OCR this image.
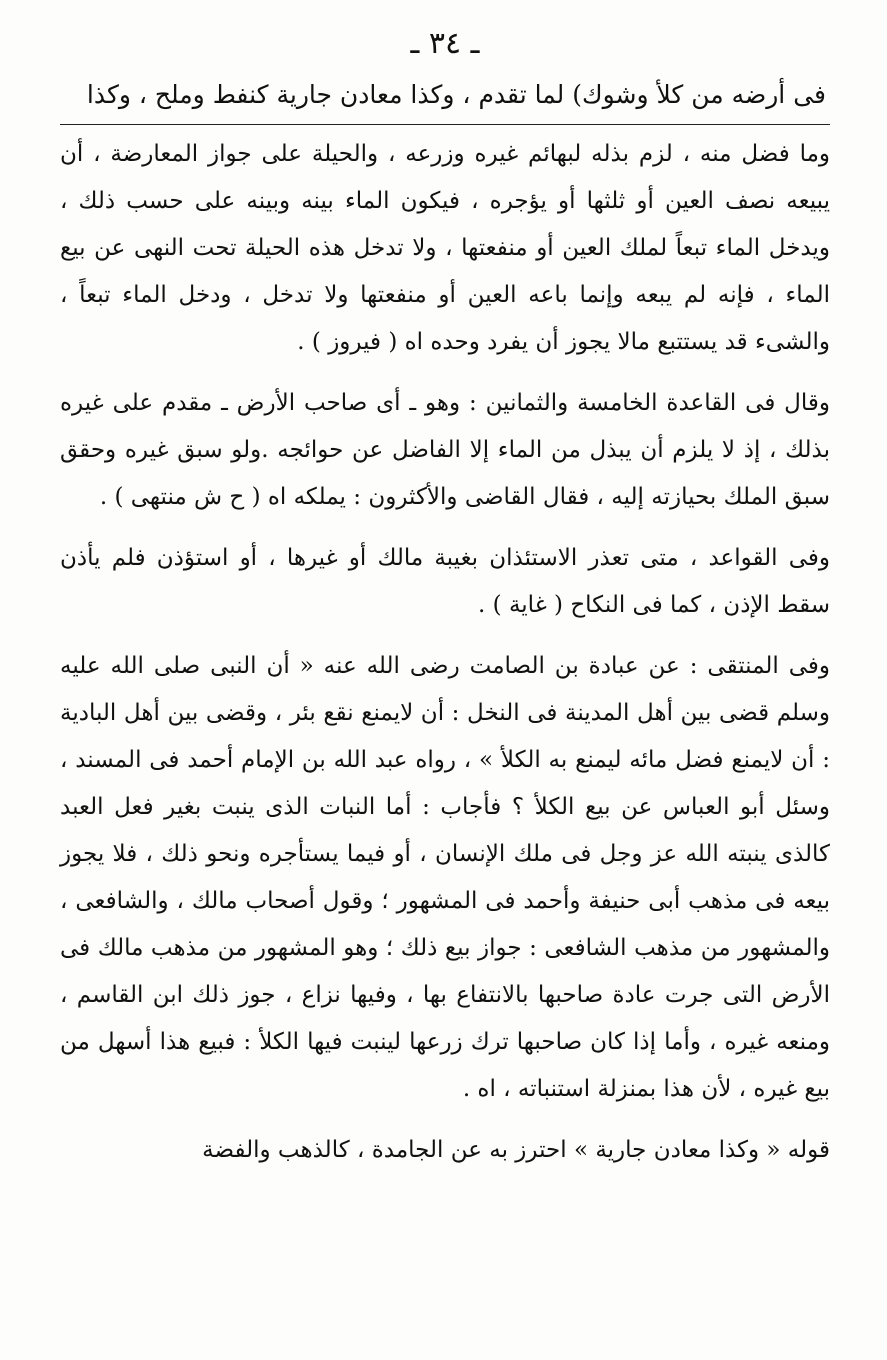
ـ ٣٤ ـ
فى أرضه من كلأ وشوك) لما تقدم ، وكذا معادن جارية كنفط وملح ، وكذا

وما فضل منه ، لزم بذله لبهائم غيره وزرعه ، والحيلة على جواز المعارضة ، أن يبيعه نصف العين أو ثلثها أو يؤجره ، فيكون الماء بينه وبينه على حسب ذلك ، ويدخل الماء تبعاً لملك العين أو منفعتها ، ولا تدخل هذه الحيلة تحت النهى عن بيع الماء ، فإنه لم يبعه وإنما باعه العين أو منفعتها ولا تدخل ، ودخل الماء تبعاً ، والشىء قد يستتبع مالا يجوز أن يفرد وحده اه ( فيروز ) .

وقال فى القاعدة الخامسة والثمانين : وهو ـ أى صاحب الأرض ـ مقدم على غيره بذلك ، إذ لا يلزم أن يبذل من الماء إلا الفاضل عن حوائجه .ولو سبق غيره وحقق سبق الملك بحيازته إليه ، فقال القاضى والأكثرون : يملكه اه ( ح ش منتهى ) .

وفى القواعد ، متى تعذر الاستئذان بغيبة مالك أو غيرها ، أو استؤذن فلم يأذن سقط الإذن ، كما فى النكاح ( غاية ) .

وفى المنتقى : عن عبادة بن الصامت رضى الله عنه « أن النبى صلى الله عليه وسلم قضى بين أهل المدينة فى النخل : أن لايمنع نقع بئر ، وقضى بين أهل البادية : أن لايمنع فضل مائه ليمنع به الكلأ » ، رواه عبد الله بن الإمام أحمد فى المسند ، وسئل أبو العباس عن بيع الكلأ ؟ فأجاب : أما النبات الذى ينبت بغير فعل العبد كالذى ينبته الله عز وجل فى ملك الإنسان ، أو فيما يستأجره ونحو ذلك ، فلا يجوز بيعه فى مذهب أبى حنيفة وأحمد فى المشهور ؛ وقول أصحاب مالك ، والشافعى ، والمشهور من مذهب الشافعى : جواز بيع ذلك ؛ وهو المشهور من مذهب مالك فى الأرض التى جرت عادة صاحبها بالانتفاع بها ، وفيها نزاع ، جوز ذلك ابن القاسم ، ومنعه غيره ، وأما إذا كان صاحبها ترك زرعها لينبت فيها الكلأ : فبيع هذا أسهل من بيع غيره ، لأن هذا بمنزلة استنباته ، اه .

قوله « وكذا معادن جارية » احترز به عن الجامدة ، كالذهب والفضة
